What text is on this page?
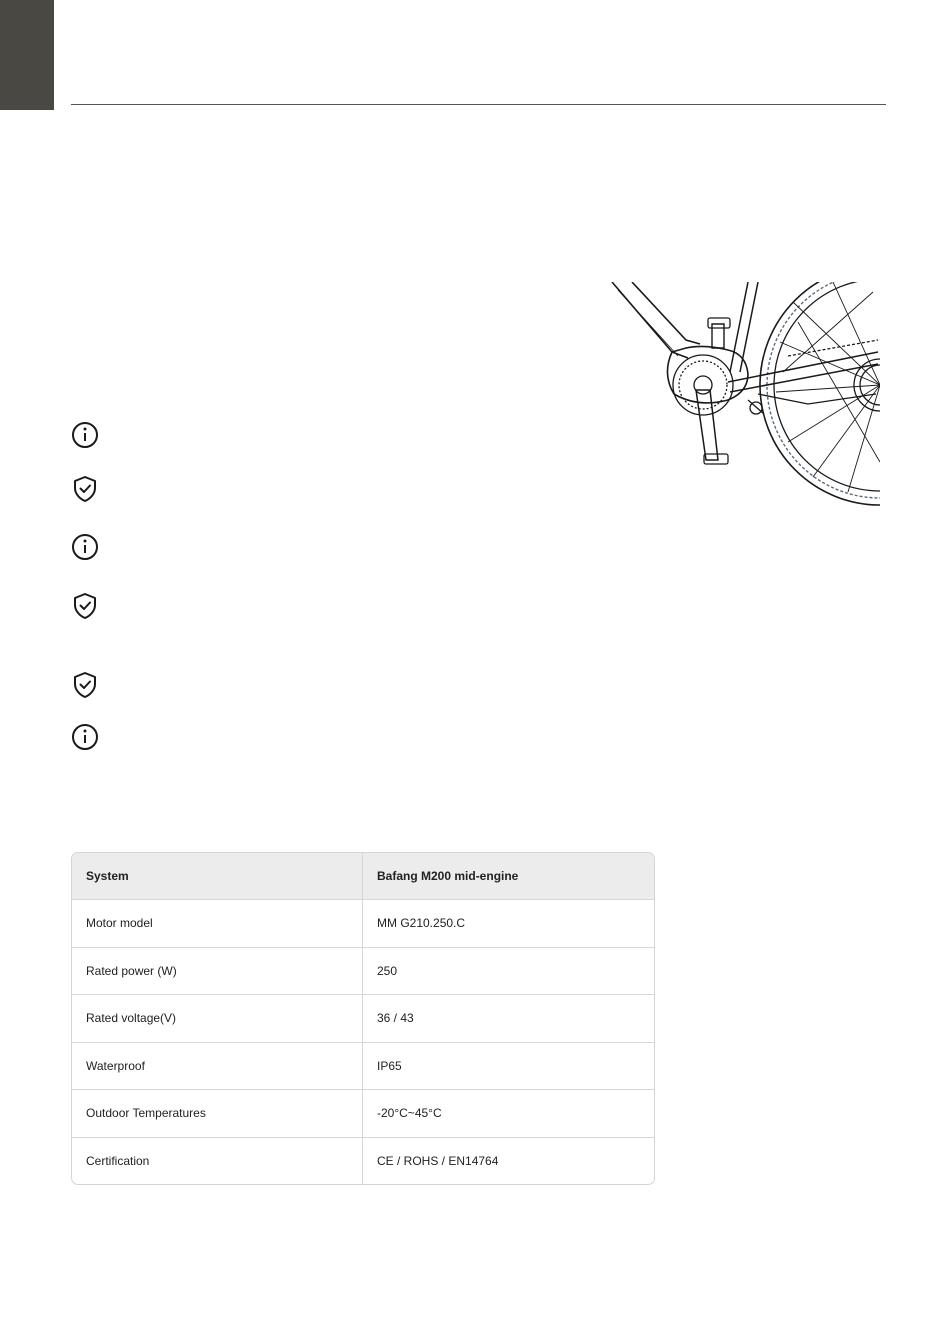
System	Bafang M200 mid-engine
Motor model	MM G210.250.C
Rated power (W)	250
Rated voltage(V)	36 / 43
Waterproof	IP65
Outdoor Temperatures	-20°C~45°C
Certification	CE / ROHS / EN14764
